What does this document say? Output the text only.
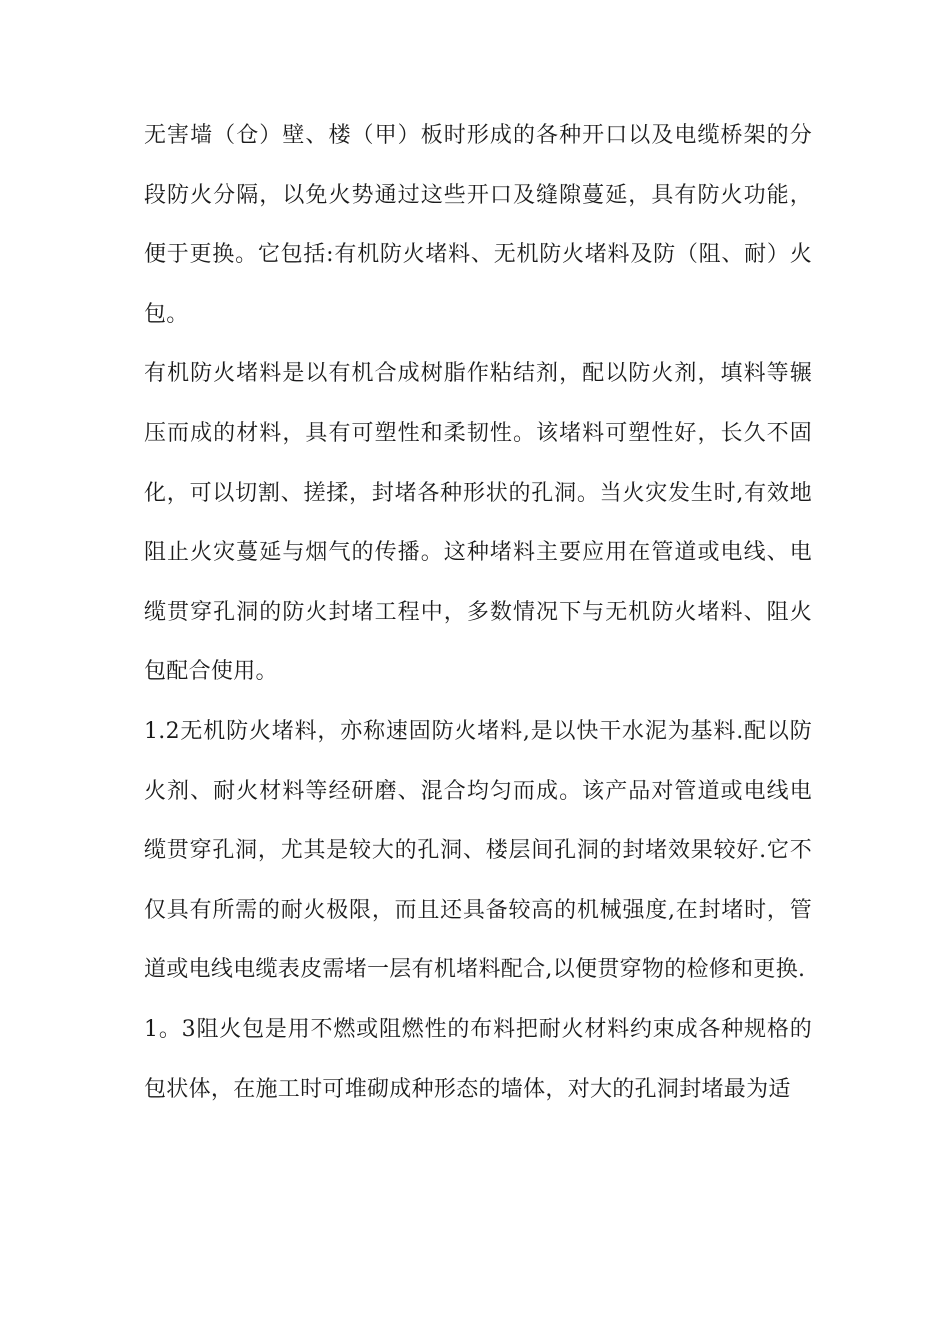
无害墙（仓）壁、楼（甲）板时形成的各种开口以及电缆桥架的分段防火分隔，以免火势通过这些开口及缝隙蔓延，具有防火功能，便于更换。它包括:有机防火堵料、无机防火堵料及防（阻、耐）火包。

有机防火堵料是以有机合成树脂作粘结剂，配以防火剂，填料等辗压而成的材料，具有可塑性和柔韧性。该堵料可塑性好，长久不固化，可以切割、搓揉，封堵各种形状的孔洞。当火灾发生时,有效地阻止火灾蔓延与烟气的传播。这种堵料主要应用在管道或电线、电缆贯穿孔洞的防火封堵工程中，多数情况下与无机防火堵料、阻火包配合使用。

1.2无机防火堵料，亦称速固防火堵料,是以快干水泥为基料.配以防火剂、耐火材料等经研磨、混合均匀而成。该产品对管道或电线电缆贯穿孔洞，尤其是较大的孔洞、楼层间孔洞的封堵效果较好.它不仅具有所需的耐火极限，而且还具备较高的机械强度,在封堵时，管道或电线电缆表皮需堵一层有机堵料配合,以便贯穿物的检修和更换.

1。3阻火包是用不燃或阻燃性的布料把耐火材料约束成各种规格的包状体，在施工时可堆砌成种形态的墙体，对大的孔洞封堵最为适
